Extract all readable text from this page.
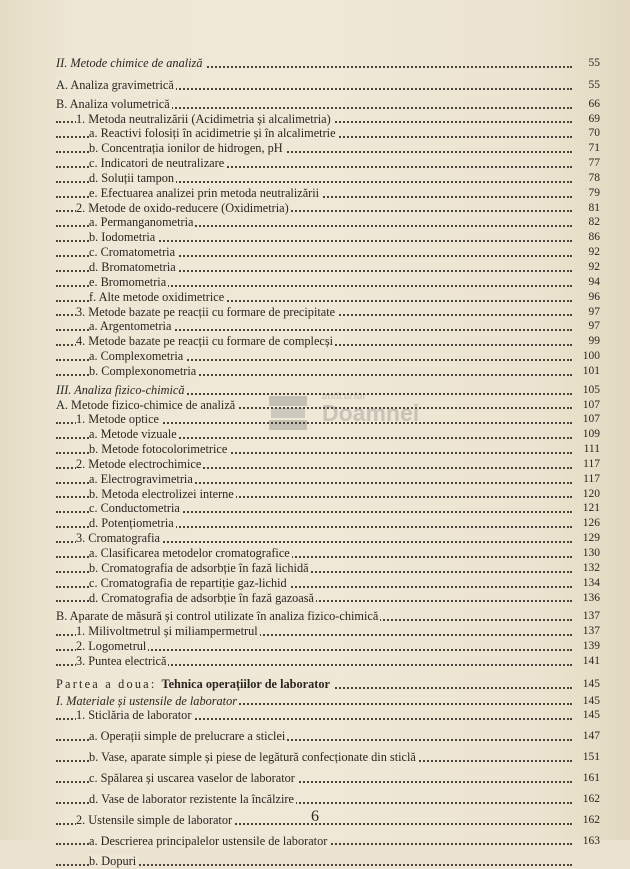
II. Metode chimice de analiză	55
A. Analiza gravimetrică	55
B. Analiza volumetrică	66
1. Metoda neutralizării (Acidimetria și alcalimetria)	69
a. Reactivi folosiți în acidimetrie și în alcalimetrie	70
b. Concentrația ionilor de hidrogen, pH	71
c. Indicatori de neutralizare	77
d. Soluții tampon	78
e. Efectuarea analizei prin metoda neutralizării	79
2. Metode de oxido-reducere (Oxidimetria)	81
a. Permanganometria	82
b. Iodometria	86
c. Cromatometria	92
d. Bromatometria	92
e. Bromometria	94
f. Alte metode oxidimetrice	96
3. Metode bazate pe reacții cu formare de precipitate	97
a. Argentometria	97
4. Metode bazate pe reacții cu formare de complecși	99
a. Complexometria	100
b. Complexonometria	101
III. Analiza fizico-chimică	105
A. Metode fizico-chimice de analiză	107
1. Metode optice	107
a. Metode vizuale	109
b. Metode fotocolorimetrice	111
2. Metode electrochimice	117
a. Electrogravimetria	117
b. Metoda electrolizei interne	120
c. Conductometria	121
d. Potențiometria	126
3. Cromatografia	129
a. Clasificarea metodelor cromatografice	130
b. Cromatografia de adsorbție în fază lichidă	132
c. Cromatografia de repartiție gaz-lichid	134
d. Cromatografia de adsorbție în fază gazoasă	136
B. Aparate de măsură și control utilizate în analiza fizico-chimică	137
1. Milivoltmetrul și miliampermetrul	137
2. Logometrul	139
3. Puntea electrică	141
Partea a doua: Tehnica operațiilor de laborator	145
I. Materiale și ustensile de laborator	145
1. Sticlăria de laborator	145
a. Operații simple de prelucrare a sticlei	147
b. Vase, aparate simple și piese de legătură confecționate din sticlă	151
c. Spălarea și uscarea vaselor de laborator	161
d. Vase de laborator rezistente la încălzire	162
2. Ustensile simple de laborator	162
a. Descrierea principalelor ustensile de laborator	163
b. Dopuri
anticariat
Doamnei
6
